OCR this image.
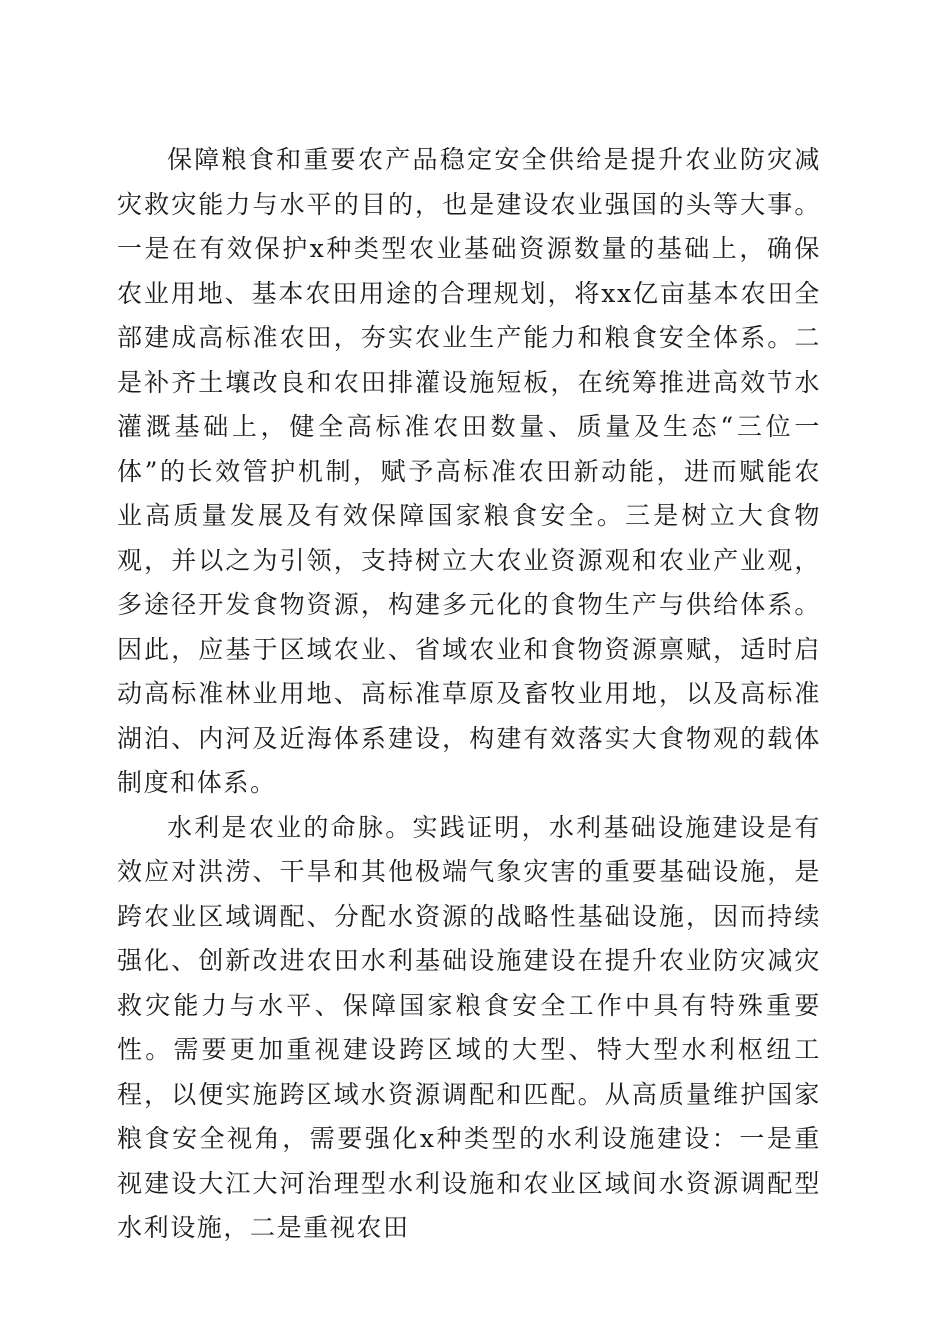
保障粮食和重要农产品稳定安全供给是提升农业防灾减灾救灾能力与水平的目的，也是建设农业强国的头等大事。一是在有效保护x种类型农业基础资源数量的基础上，确保农业用地、基本农田用途的合理规划，将xx亿亩基本农田全部建成高标准农田，夯实农业生产能力和粮食安全体系。二是补齐土壤改良和农田排灌设施短板，在统筹推进高效节水灌溉基础上，健全高标准农田数量、质量及生态“三位一体”的长效管护机制，赋予高标准农田新动能，进而赋能农业高质量发展及有效保障国家粮食安全。三是树立大食物观，并以之为引领，支持树立大农业资源观和农业产业观，多途径开发食物资源，构建多元化的食物生产与供给体系。因此，应基于区域农业、省域农业和食物资源禀赋，适时启动高标准林业用地、高标准草原及畜牧业用地，以及高标准湖泊、内河及近海体系建设，构建有效落实大食物观的载体制度和体系。

水利是农业的命脉。实践证明，水利基础设施建设是有效应对洪涝、干旱和其他极端气象灾害的重要基础设施，是跨农业区域调配、分配水资源的战略性基础设施，因而持续强化、创新改进农田水利基础设施建设在提升农业防灾减灾救灾能力与水平、保障国家粮食安全工作中具有特殊重要性。需要更加重视建设跨区域的大型、特大型水利枢纽工程，以便实施跨区域水资源调配和匹配。从高质量维护国家粮食安全视角，需要强化x种类型的水利设施建设：一是重视建设大江大河治理型水利设施和农业区域间水资源调配型水利设施，二是重视农田
